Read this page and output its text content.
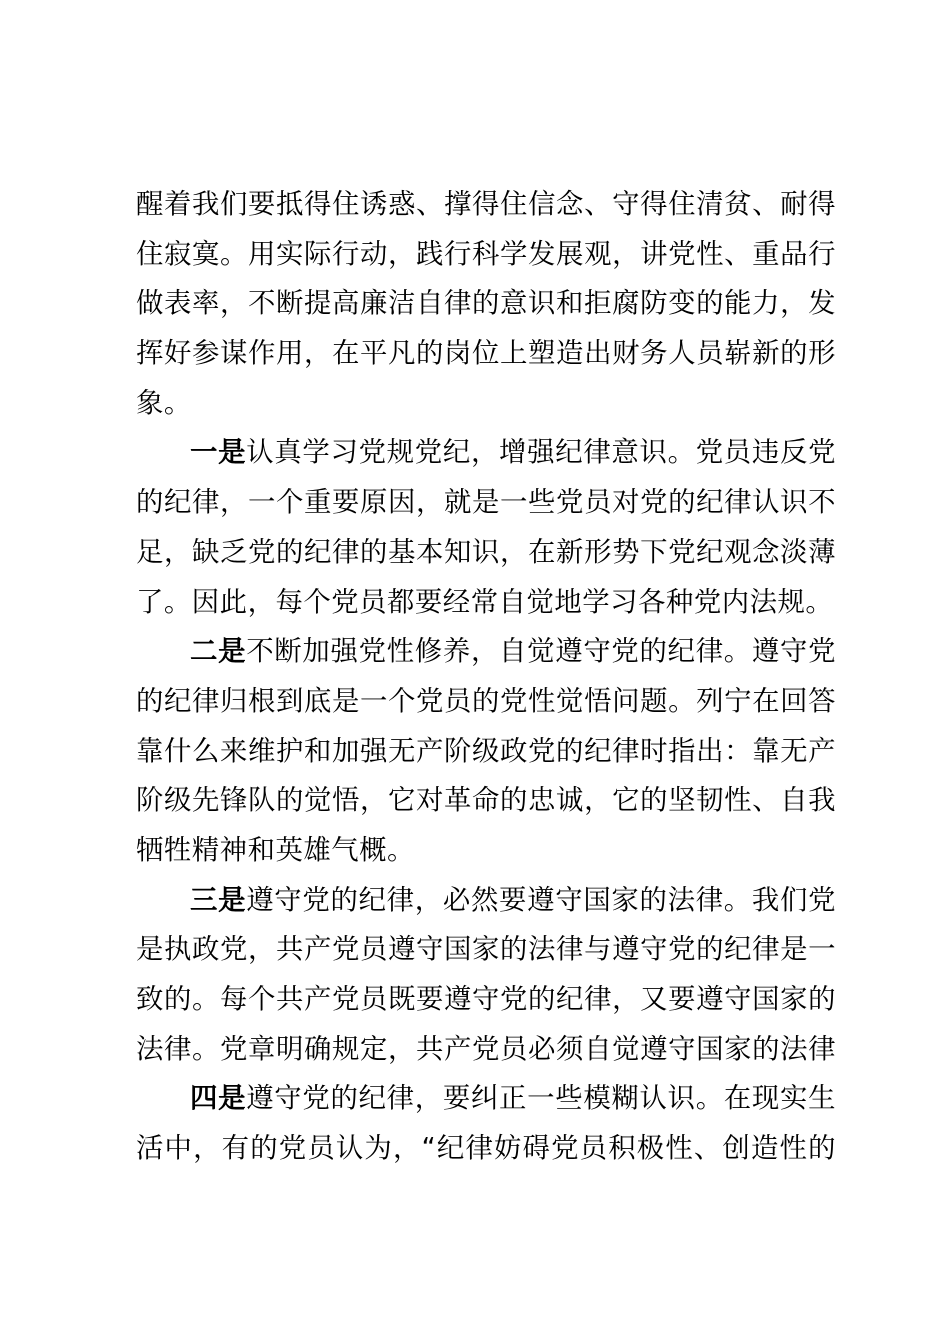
醒着我们要抵得住诱惑、撑得住信念、守得住清贫、耐得
住寂寞。用实际行动，践行科学发展观，讲党性、重品行
做表率，不断提高廉洁自律的意识和拒腐防变的能力，发
挥好参谋作用，在平凡的岗位上塑造出财务人员崭新的形
象。
一是认真学习党规党纪，增强纪律意识。党员违反党
的纪律，一个重要原因，就是一些党员对党的纪律认识不
足，缺乏党的纪律的基本知识，在新形势下党纪观念淡薄
了。因此，每个党员都要经常自觉地学习各种党内法规。
二是不断加强党性修养，自觉遵守党的纪律。遵守党
的纪律归根到底是一个党员的党性觉悟问题。列宁在回答
靠什么来维护和加强无产阶级政党的纪律时指出：靠无产
阶级先锋队的觉悟，它对革命的忠诚，它的坚韧性、自我
牺牲精神和英雄气概。
三是遵守党的纪律，必然要遵守国家的法律。我们党
是执政党，共产党员遵守国家的法律与遵守党的纪律是一
致的。每个共产党员既要遵守党的纪律，又要遵守国家的
法律。党章明确规定，共产党员必须自觉遵守国家的法律
四是遵守党的纪律，要纠正一些模糊认识。在现实生
活中，有的党员认为，“纪律妨碍党员积极性、创造性的
